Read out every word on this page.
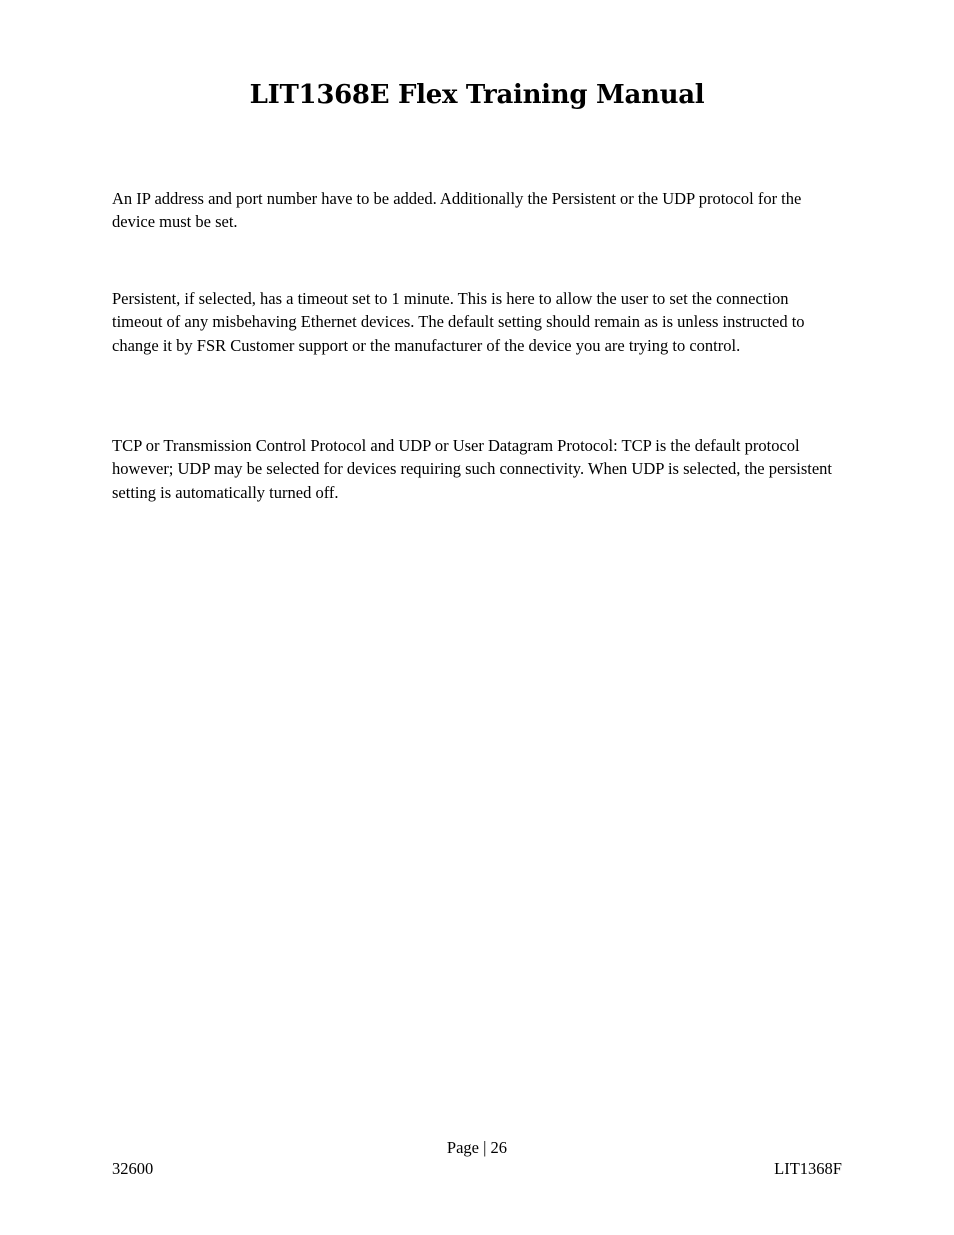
LIT1368E Flex Training Manual

An IP address and port number have to be added. Additionally the Persistent or the UDP protocol for the device must be set.

Persistent, if selected, has a timeout set to 1 minute. This is here to allow the user to set the connection timeout of any misbehaving Ethernet devices. The default setting should remain as is unless instructed to change it by FSR Customer support or the manufacturer of the device you are trying to control.

TCP or Transmission Control Protocol and UDP or User Datagram Protocol: TCP is the default protocol however; UDP may be selected for devices requiring such connectivity. When UDP is selected, the persistent setting is automatically turned off.

Page | 26
32600	LIT1368F
